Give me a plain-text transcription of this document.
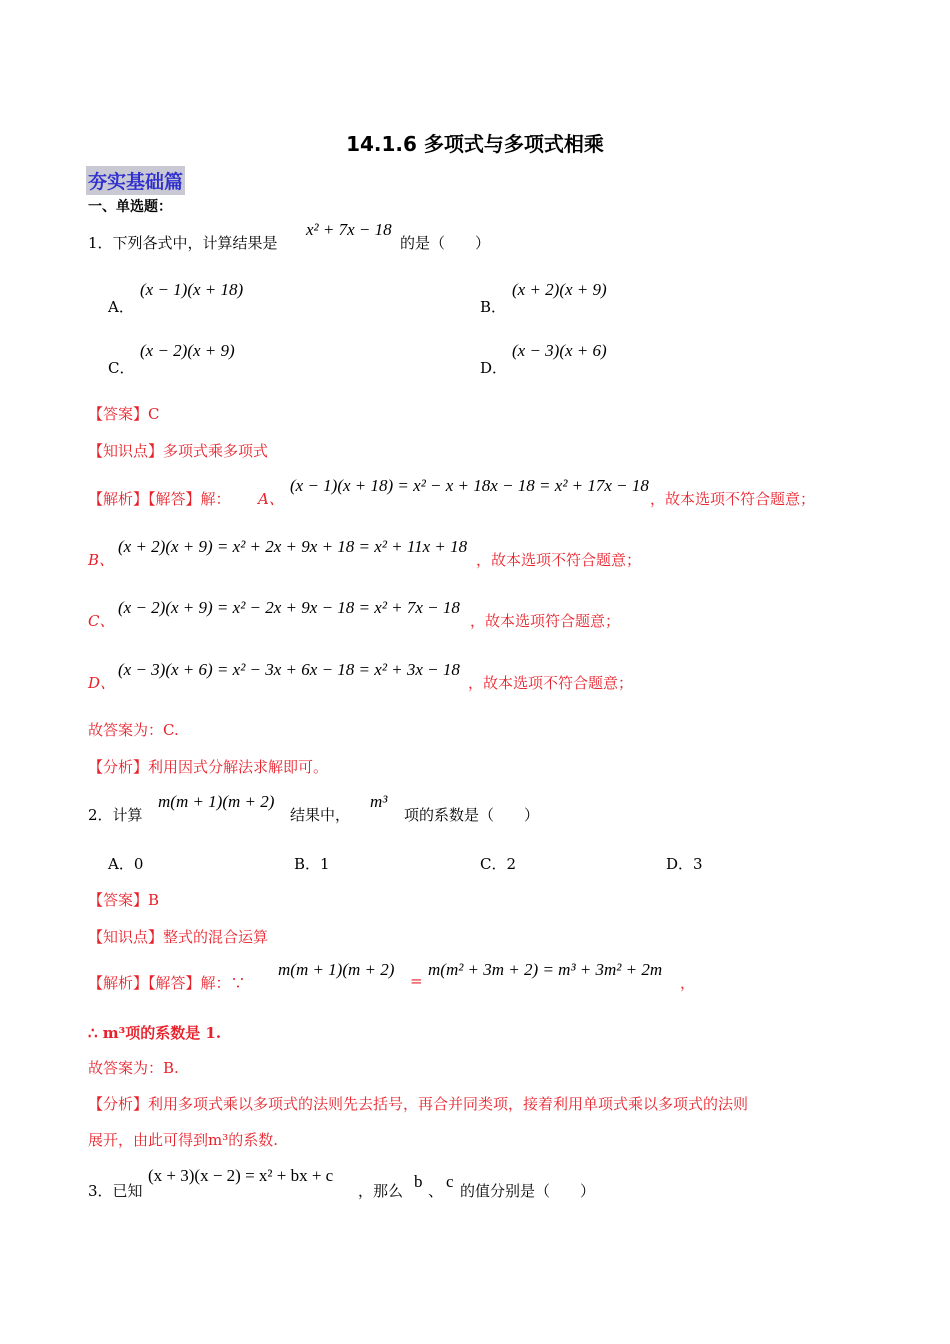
14.1.6 多项式与多项式相乘
夯实基础篇
一、单选题：
1．下列各式中，计算结果是
x² + 7x − 18
的是（　　）
A．
(x − 1)(x + 18)
B．
(x + 2)(x + 9)
C．
(x − 2)(x + 9)
D．
(x − 3)(x + 6)
【答案】C
【知识点】多项式乘多项式
【解析】【解答】解： A、
(x − 1)(x + 18) = x² − x + 18x − 18 = x² + 17x − 18
，故本选项不符合题意；
B、
(x + 2)(x + 9) = x² + 2x + 9x + 18 = x² + 11x + 18
，故本选项不符合题意；
C、
(x − 2)(x + 9) = x² − 2x + 9x − 18 = x² + 7x − 18
，故本选项符合题意；
D、
(x − 3)(x + 6) = x² − 3x + 6x − 18 = x² + 3x − 18
，故本选项不符合题意；
故答案为：C.
【分析】利用因式分解法求解即可。
2．计算
m(m + 1)(m + 2)
结果中，
m³
项的系数是（　　）
A．0	B．1	C．2	D．3
【答案】B
【知识点】整式的混合运算
【解析】【解答】解：∵
m(m + 1)(m + 2)
=
m(m² + 3m + 2) = m³ + 3m² + 2m
，
∴ m³项的系数是 1.
故答案为：B.
【分析】利用多项式乘以多项式的法则先去括号，再合并同类项，接着利用单项式乘以多项式的法则
展开，由此可得到m³的系数.
3．已知
(x + 3)(x − 2) = x² + bx + c
，那么 b 、 c 的值分别是（　　）
